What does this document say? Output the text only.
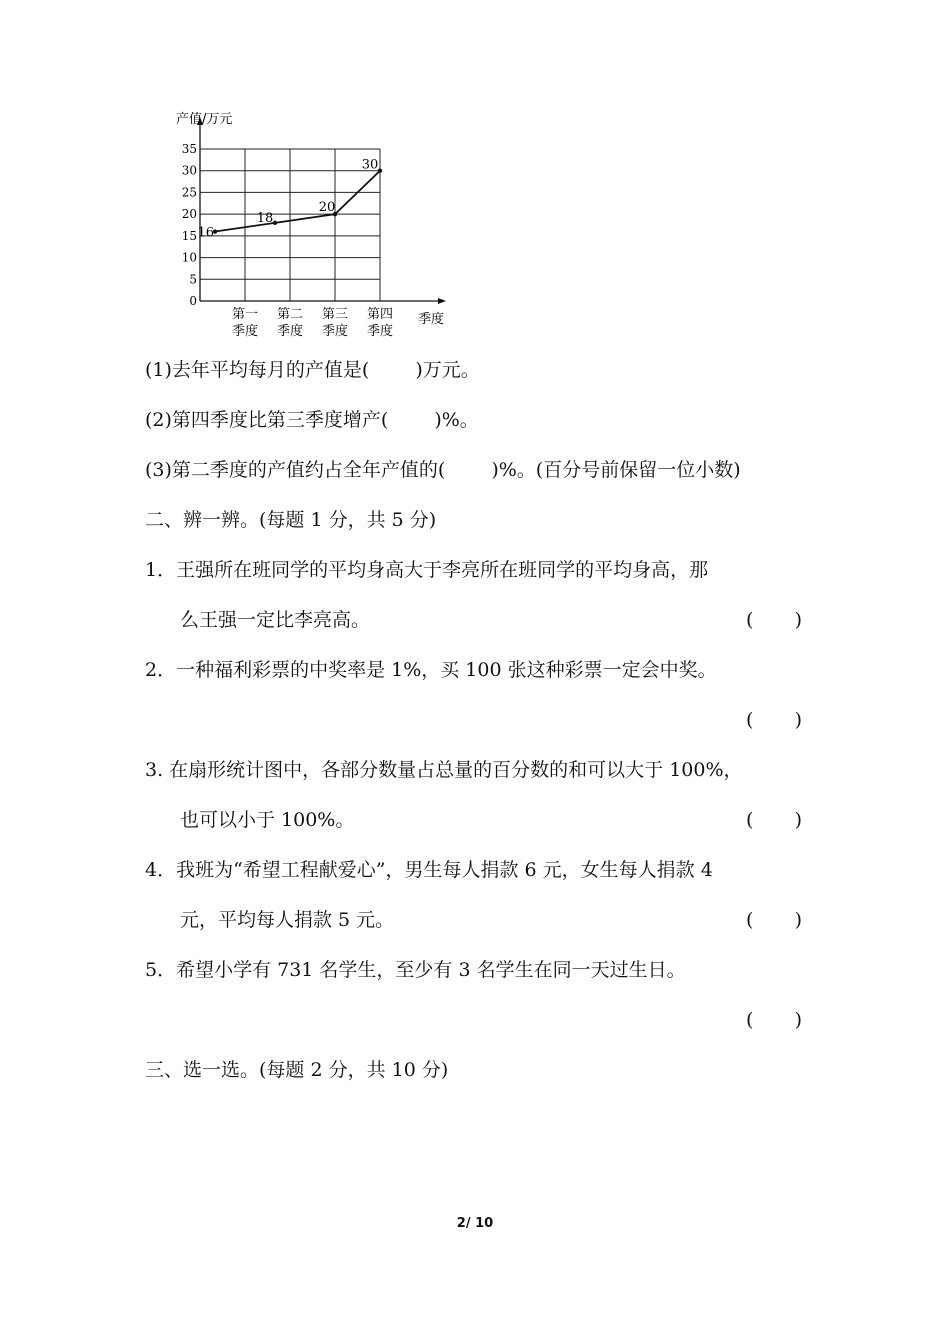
0
5
10
15
20
25
30
35
第一
季度
第二
季度
第三
季度
第四
季度
16
18
20
30
产值/万元
季度
(1)去年平均每月的产值是( )万元。
(2)第四季度比第三季度增产( )%。
(3)第二季度的产值约占全年产值的( )%。(百分号前保留一位小数)
二、辨一辨。(每题 1 分，共 5 分)
1．王强所在班同学的平均身高大于李亮所在班同学的平均身高，那
么王强一定比李亮高。	( )
2．一种福利彩票的中奖率是 1%，买 100 张这种彩票一定会中奖。
( )
3. 在扇形统计图中，各部分数量占总量的百分数的和可以大于 100%，
也可以小于 100%。	( )
4．我班为“希望工程献爱心”，男生每人捐款 6 元，女生每人捐款 4
元，平均每人捐款 5 元。	( )
5．希望小学有 731 名学生，至少有 3 名学生在同一天过生日。
( )
三、选一选。(每题 2 分，共 10 分)
2/ 10
